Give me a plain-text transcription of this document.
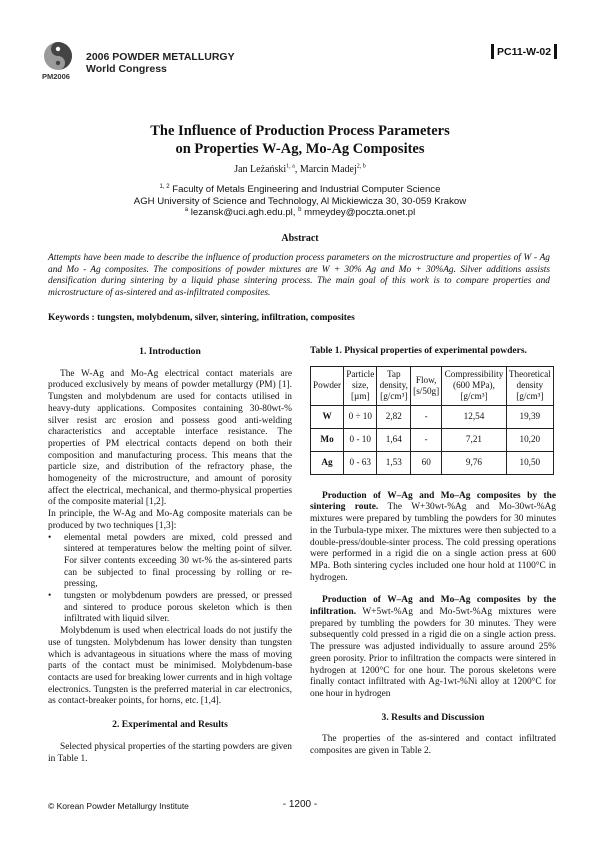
PM2006
2006 POWDER METALLURGY
World Congress
PC11-W-02
The Influence of Production Process Parameters
on Properties W-Ag, Mo-Ag Composites
Jan Leżański$^{1, a}$, Marcin Madej$^{2, b}$
$^{1, 2}$ Faculty of Metals Engineering and Industrial Computer Science
AGH University of Science and Technology, Al Mickiewicza 30, 30-059 Krakow
$^a$ lezansk@uci.agh.edu.pl, $^b$ mmeydey@poczta.onet.pl
Abstract
Attempts have been made to describe the influence of production process parameters on the microstructure and properties of W - Ag and Mo - Ag composites. The compositions of powder mixtures are W + 30% Ag and Mo + 30%Ag. Silver additions assists densification during sintering by a liquid phase sintering process. The main goal of this work is to compare properties and microstructure of as-sintered and as-infiltrated composites.
Keywords : tungsten, molybdenum, silver, sintering, infiltration, composites
1. Introduction

The W-Ag and Mo-Ag electrical contact materials are produced exclusively by means of powder metallurgy (PM) [1]. Tungsten and molybdenum are used for contacts utilised in heavy-duty applications. Composites containing 30-80wt-% silver resist arc erosion and possess good anti-welding characteristics and acceptable interface resistance. The properties of PM electrical contacts depend on both their composition and manufacturing process. This means that the particle size, and distribution of the refractory phase, the homogeneity of the microstructure, and amount of porosity affect the electrical, mechanical, and thermo-physical properties of the composite material [1,2].

In principle, the W-Ag and Mo-Ag composite materials can be produced by two techniques [1,3]:

• elemental metal powders are mixed, cold pressed and sintered at temperatures below the melting point of silver. For silver contents exceeding 30 wt-% the as-sintered parts can be subjected to final processing by rolling or re-pressing,
• tungsten or molybdenum powders are pressed, or pressed and sintered to produce porous skeleton which is then infiltrated with liquid silver.

Molybdenum is used when electrical loads do not justify the use of tungsten. Molybdenum has lower density than tungsten which is advantageous in situations where the mass of moving parts of the contact must be minimised. Molybdenum-base contacts are used for breaking lower currents and in high voltage electronics. Tungsten is the preferred material in car electronics, as contact-breaker points, for horns, etc. [1,4].

2. Experimental and Results

Selected physical properties of the starting powders are given in Table 1.

Table 1. Physical properties of experimental powders.
Powder	Particle size, [µm]	Tap density, [g/cm³]	Flow, [s/50g]	Compressibility (600 MPa), [g/cm³]	Theoretical density [g/cm³]
W	0 ÷ 10	2,82	-	12,54	19,39
Mo	0 - 10	1,64	-	7,21	10,20
Ag	0 - 63	1,53	60	9,76	10,50

Production of W–Ag and Mo–Ag composites by the sintering route. The W+30wt-%Ag and Mo-30wt-%Ag mixtures were prepared by tumbling the powders for 30 minutes in the Turbula-type mixer. The mixtures were then subjected to a double-press/double-sinter process. The cold pressing operations were performed in a rigid die on a single action press at 600 MPa. Both sintering cycles included one hour hold at 1100°C in hydrogen.

Production of W–Ag and Mo–Ag composites by the infiltration. W+5wt-%Ag and Mo-5wt-%Ag mixtures were prepared by tumbling the powders for 30 minutes. They were subsequently cold pressed in a rigid die on a single action press. The pressure was adjusted individually to assure around 25% green porosity. Prior to infiltration the compacts were sintered in hydrogen at 1200°C for one hour. The porous skeletons were finally contact infiltrated with Ag-1wt-%Ni alloy at 1200°C for one hour in hydrogen

3. Results and Discussion

The properties of the as-sintered and contact infiltrated composites are given in Table 2.

© Korean Powder Metallurgy Institute	- 1200 -
